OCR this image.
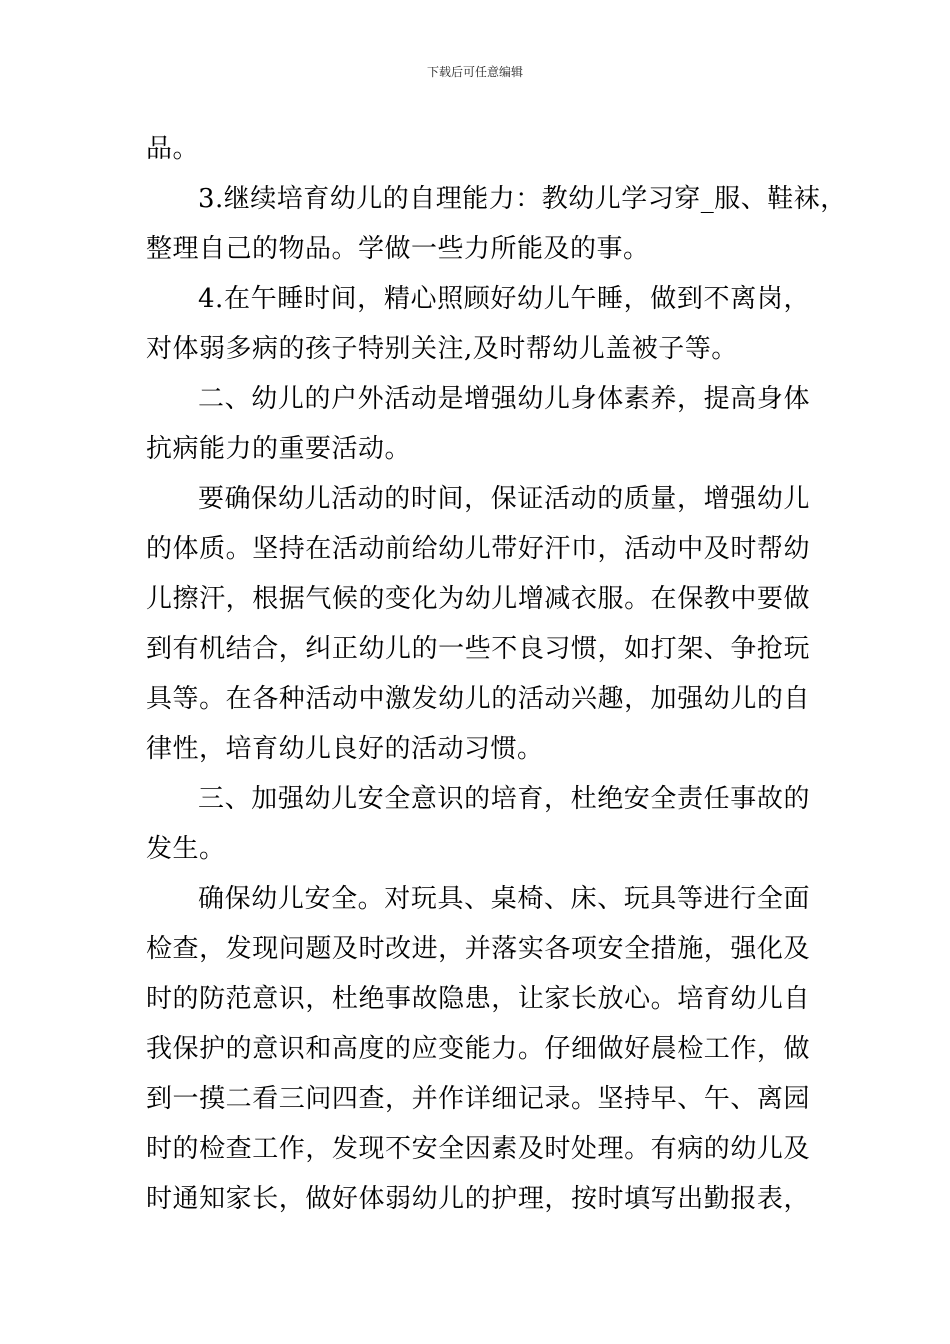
下载后可任意编辑
品。
3.继续培育幼儿的自理能力：教幼儿学习穿_服、鞋袜，
整理自己的物品。学做一些力所能及的事。
4.在午睡时间，精心照顾好幼儿午睡，做到不离岗，
对体弱多病的孩子特别关注,及时帮幼儿盖被子等。
二、幼儿的户外活动是增强幼儿身体素养，提高身体
抗病能力的重要活动。
要确保幼儿活动的时间，保证活动的质量，增强幼儿
的体质。坚持在活动前给幼儿带好汗巾，活动中及时帮幼
儿擦汗，根据气候的变化为幼儿增减衣服。在保教中要做
到有机结合，纠正幼儿的一些不良习惯，如打架、争抢玩
具等。在各种活动中激发幼儿的活动兴趣，加强幼儿的自
律性，培育幼儿良好的活动习惯。
三、加强幼儿安全意识的培育，杜绝安全责任事故的
发生。
确保幼儿安全。对玩具、桌椅、床、玩具等进行全面
检查，发现问题及时改进，并落实各项安全措施，强化及
时的防范意识，杜绝事故隐患，让家长放心。培育幼儿自
我保护的意识和高度的应变能力。仔细做好晨检工作，做
到一摸二看三问四查，并作详细记录。坚持早、午、离园
时的检查工作，发现不安全因素及时处理。有病的幼儿及
时通知家长，做好体弱幼儿的护理，按时填写出勤报表，
